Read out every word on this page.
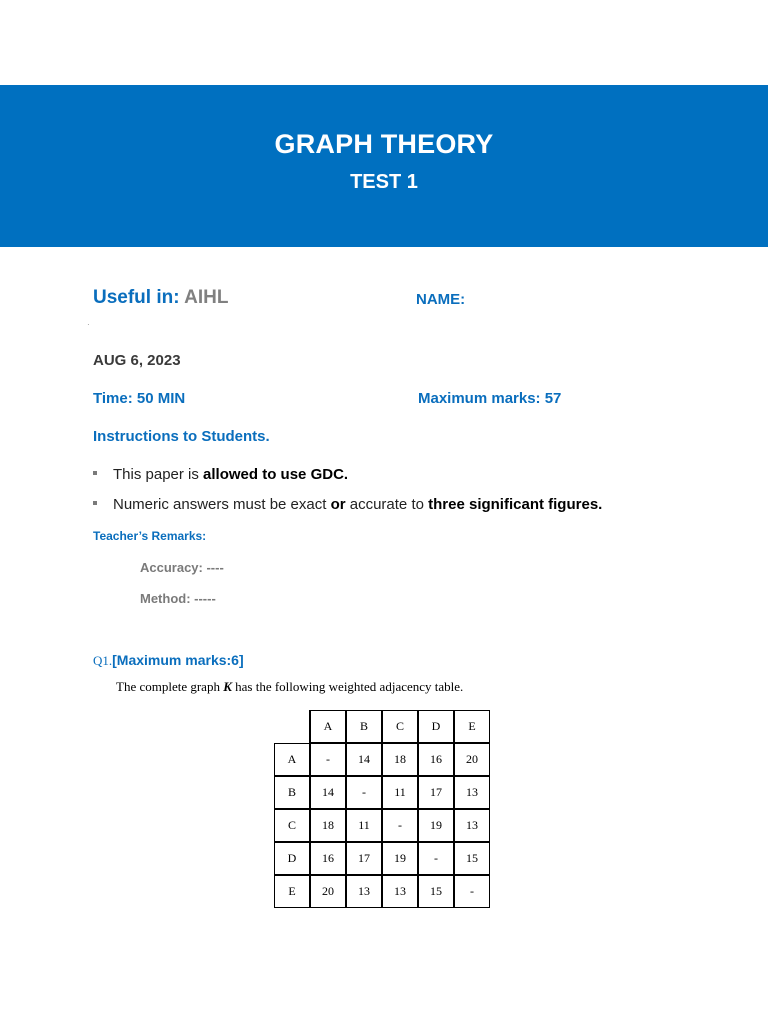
GRAPH THEORY
TEST 1
Useful in: AIHL	NAME:
·
AUG 6, 2023
Time: 50 MIN	Maximum marks: 57
Instructions to Students.
This paper is allowed to use GDC.
Numeric answers must be exact or accurate to three significant figures.
Teacher’s Remarks:
Accuracy: ----
Method: -----
Q1.[Maximum marks:6]
The complete graph K has the following weighted adjacency table.
	A	B	C	D	E
A	-	14	18	16	20
B	14	-	11	17	13
C	18	11	-	19	13
D	16	17	19	-	15
E	20	13	13	15	-
